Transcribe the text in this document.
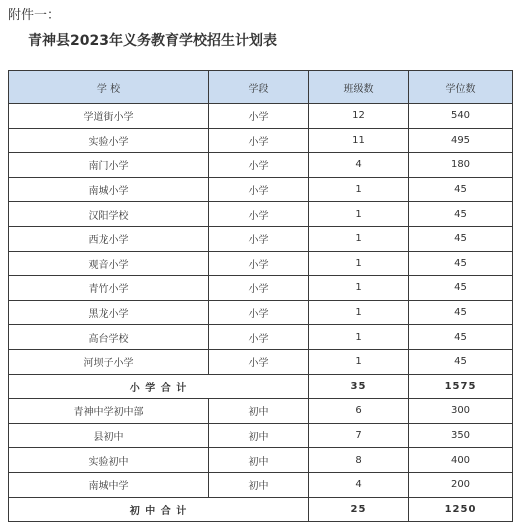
附件一：
青神县2023年义务教育学校招生计划表
学 校	学段	班级数	学位数
学道街小学	小学	12	540
实验小学	小学	11	495
南门小学	小学	4	180
南城小学	小学	1	45
汉阳学校	小学	1	45
西龙小学	小学	1	45
观音小学	小学	1	45
青竹小学	小学	1	45
黑龙小学	小学	1	45
高台学校	小学	1	45
河坝子小学	小学	1	45
小 学 合 计		35	1575
青神中学初中部	初中	6	300
县初中	初中	7	350
实验初中	初中	8	400
南城中学	初中	4	200
初 中 合 计		25	1250
